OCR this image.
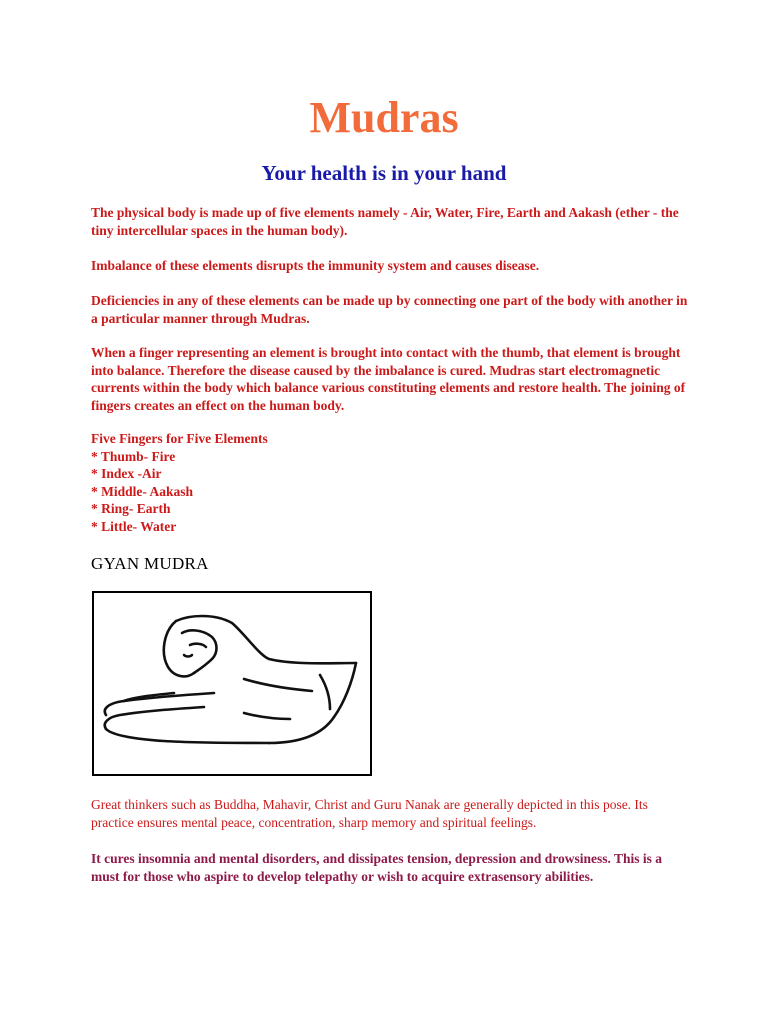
Mudras
Your health is in your hand

The physical body is made up of five elements namely - Air, Water, Fire, Earth and Aakash (ether - the tiny intercellular spaces in the human body).

Imbalance of these elements disrupts the immunity system and causes disease.

Deficiencies in any of these elements can be made up by connecting one part of the body with another in a particular manner through Mudras.

When a finger representing an element is brought into contact with the thumb, that element is brought into balance. Therefore the disease caused by the imbalance is cured. Mudras start electromagnetic currents within the body which balance various constituting elements and restore health. The joining of fingers creates an effect on the human body.

Five Fingers for Five Elements
* Thumb- Fire
* Index -Air
* Middle- Aakash
* Ring- Earth
* Little- Water
GYAN MUDRA

Great thinkers such as Buddha, Mahavir, Christ and Guru Nanak are generally depicted in this pose. Its practice ensures mental peace, concentration, sharp memory and spiritual feelings.

It cures insomnia and mental disorders, and dissipates tension, depression and drowsiness. This is a must for those who aspire to develop telepathy or wish to acquire extrasensory abilities.
